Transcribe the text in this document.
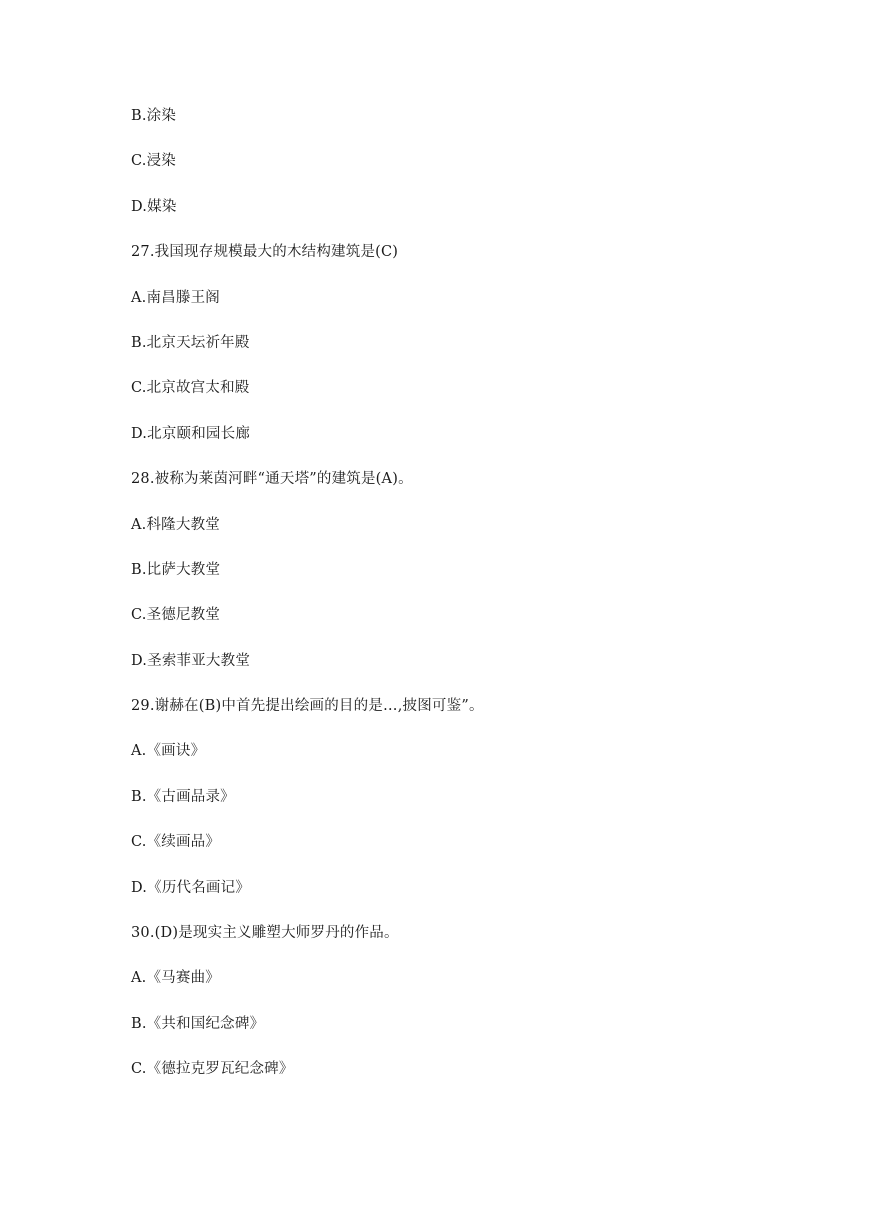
B.涂染
C.浸染
D.媒染
27.我国现存规模最大的木结构建筑是(C)
A.南昌滕王阁
B.北京天坛祈年殿
C.北京故宫太和殿
D.北京颐和园长廊
28.被称为莱茵河畔“通天塔”的建筑是(A)。
A.科隆大教堂
B.比萨大教堂
C.圣德尼教堂
D.圣索菲亚大教堂
29.谢赫在(B)中首先提出绘画的目的是…,披图可鉴”。
A.《画诀》
B.《古画品录》
C.《续画品》
D.《历代名画记》
30.(D)是现实主义雕塑大师罗丹的作品。
A.《马赛曲》
B.《共和国纪念碑》
C.《德拉克罗瓦纪念碑》
